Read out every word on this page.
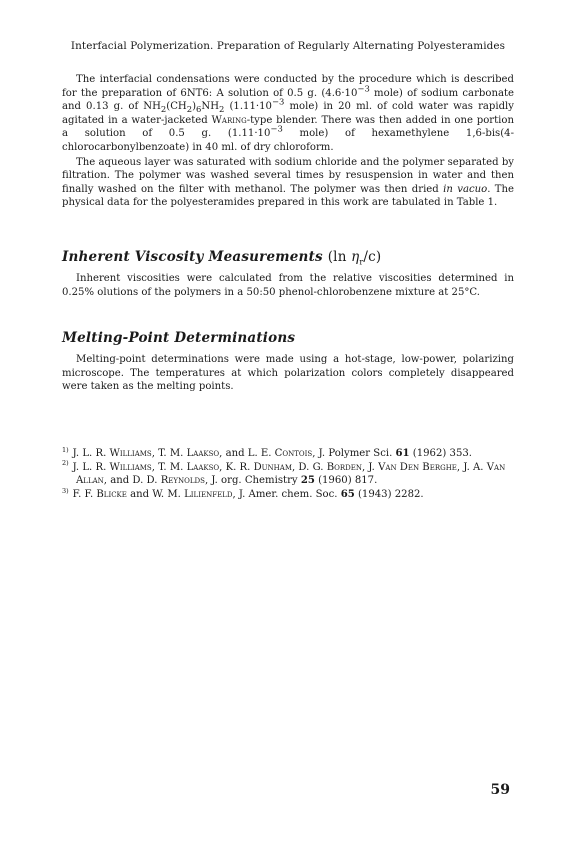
Interfacial Polymerization. Preparation of Regularly Alternating Polyesteramides

The interfacial condensations were conducted by the procedure which is described for the preparation of 6NT6: A solution of 0.5 g. ($4.6\cdot 10^{-3}$ mole) of sodium carbonate and 0.13 g. of $NH_2(CH_2)_6NH_2$ ($1.11\cdot 10^{-3}$ mole) in 20 ml. of cold water was rapidly agitated in a water-jacketed Waring-type blender. There was then added in one portion a solution of 0.5 g. ($1.11\cdot 10^{-3}$ mole) of hexamethylene 1,6-bis(4-chlorocarbonylbenzoate) in 40 ml. of dry chloroform.

The aqueous layer was saturated with sodium chloride and the polymer separated by filtration. The polymer was washed several times by resuspension in water and then finally washed on the filter with methanol. The polymer was then dried in vacuo. The physical data for the polyesteramides prepared in this work are tabulated in Table 1.

Inherent Viscosity Measurements (ln $\eta_r/c$)

Inherent viscosities were calculated from the relative viscosities determined in 0.25% olutions of the polymers in a 50:50 phenol-chlorobenzene mixture at 25°C.

Melting-Point Determinations

Melting-point determinations were made using a hot-stage, low-power, polarizing microscope. The temperatures at which polarization colors completely disappeared were taken as the melting points.

$^{1)}$ J. L. R. Williams, T. M. Laakso, and L. E. Contois, J. Polymer Sci. 61 (1962) 353.
$^{2)}$ J. L. R. Williams, T. M. Laakso, K. R. Dunham, D. G. Borden, J. Van Den Berghe, J. A. Van Allan, and D. D. Reynolds, J. org. Chemistry 25 (1960) 817.
$^{3)}$ F. F. Blicke and W. M. Lilienfeld, J. Amer. chem. Soc. 65 (1943) 2282.
59
